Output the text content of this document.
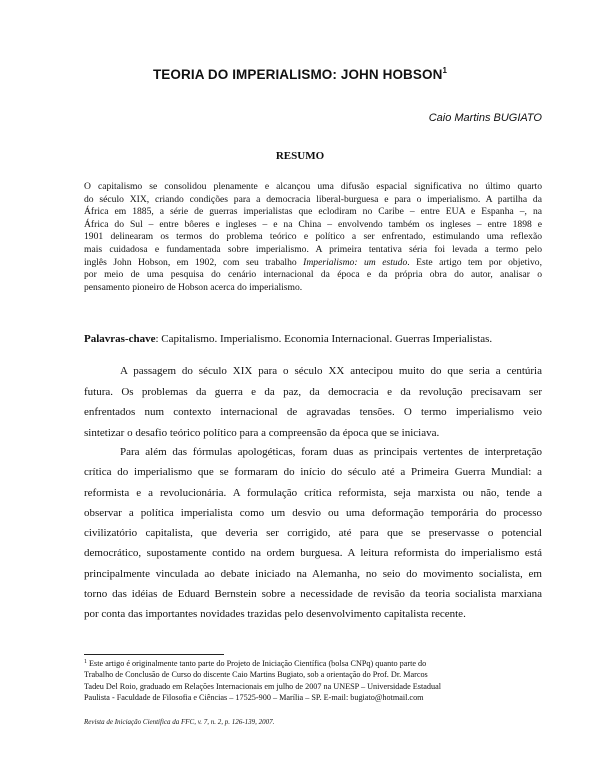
TEORIA DO IMPERIALISMO: JOHN HOBSON$^1$
Caio Martins BUGIATO
RESUMO
O capitalismo se consolidou plenamente e alcançou uma difusão espacial significativa no último quarto
do século XIX, criando condições para a democracia liberal-burguesa e para o imperialismo. A partilha da
África em 1885, a série de guerras imperialistas que eclodiram no Caribe – entre EUA e Espanha –, na
África do Sul – entre bôeres e ingleses – e na China – envolvendo também os ingleses – entre 1898 e
1901 delinearam os termos do problema teórico e político a ser enfrentado, estimulando uma reflexão
mais cuidadosa e fundamentada sobre imperialismo. A primeira tentativa séria foi levada a termo pelo
inglês John Hobson, em 1902, com seu trabalho Imperialismo: um estudo. Este artigo tem por objetivo,
por meio de uma pesquisa do cenário internacional da época e da própria obra do autor, analisar o
pensamento pioneiro de Hobson acerca do imperialismo.
Palavras-chave: Capitalismo. Imperialismo. Economia Internacional. Guerras Imperialistas.
A passagem do século XIX para o século XX antecipou muito do que seria a centúria
futura. Os problemas da guerra e da paz, da democracia e da revolução precisavam ser
enfrentados num contexto internacional de agravadas tensões. O termo imperialismo veio
sintetizar o desafio teórico político para a compreensão da época que se iniciava.
Para além das fórmulas apologéticas, foram duas as principais vertentes de interpretação
crítica do imperialismo que se formaram do início do século até a Primeira Guerra Mundial: a
reformista e a revolucionária. A formulação crítica reformista, seja marxista ou não, tende a
observar a política imperialista como um desvio ou uma deformação temporária do processo
civilizatório capitalista, que deveria ser corrigido, até para que se preservasse o potencial
democrático, supostamente contido na ordem burguesa. A leitura reformista do imperialismo está
principalmente vinculada ao debate iniciado na Alemanha, no seio do movimento socialista, em
torno das idéias de Eduard Bernstein sobre a necessidade de revisão da teoria socialista marxiana
por conta das importantes novidades trazidas pelo desenvolvimento capitalista recente.
$^1$ Este artigo é originalmente tanto parte do Projeto de Iniciação Científica (bolsa CNPq) quanto parte do
Trabalho de Conclusão de Curso do discente Caio Martins Bugiato, sob a orientação do Prof. Dr. Marcos
Tadeu Del Roio, graduado em Relações Internacionais em julho de 2007 na UNESP – Universidade Estadual
Paulista - Faculdade de Filosofia e Ciências – 17525-900 – Marília – SP. E-mail: bugiato@hotmail.com
Revista de Iniciação Científica da FFC, v. 7, n. 2, p. 126-139, 2007.
